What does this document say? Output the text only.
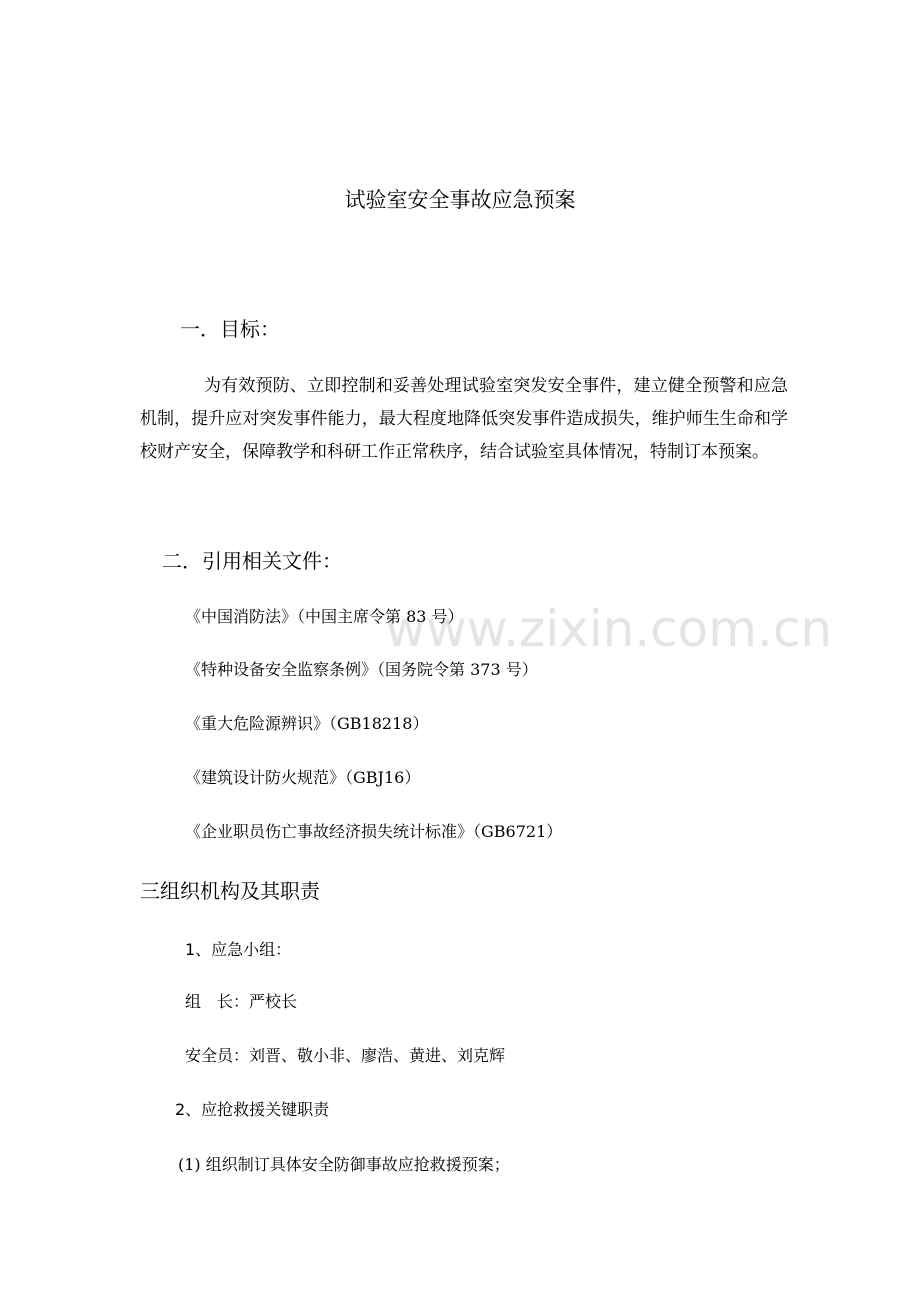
www.zixin.com.cn
试验室安全事故应急预案
一．目标：

为有效预防、立即控制和妥善处理试验室突发安全事件，建立健全预警和应急机制，提升应对突发事件能力，最大程度地降低突发事件造成损失，维护师生生命和学校财产安全，保障教学和科研工作正常秩序，结合试验室具体情况，特制订本预案。

二．引用相关文件：
《中国消防法》（中国主席令第 83 号）
《特种设备安全监察条例》（国务院令第 373 号）
《重大危险源辨识》（GB18218）
《建筑设计防火规范》（GBJ16）
《企业职员伤亡事故经济损失统计标准》（GB6721）
三组织机构及其职责
1、应急小组：
组　长：严校长
安全员：刘晋、敬小非、廖浩、黄进、刘克辉
2、应抢救援关键职责
(1) 组织制订具体安全防御事故应抢救援预案；
